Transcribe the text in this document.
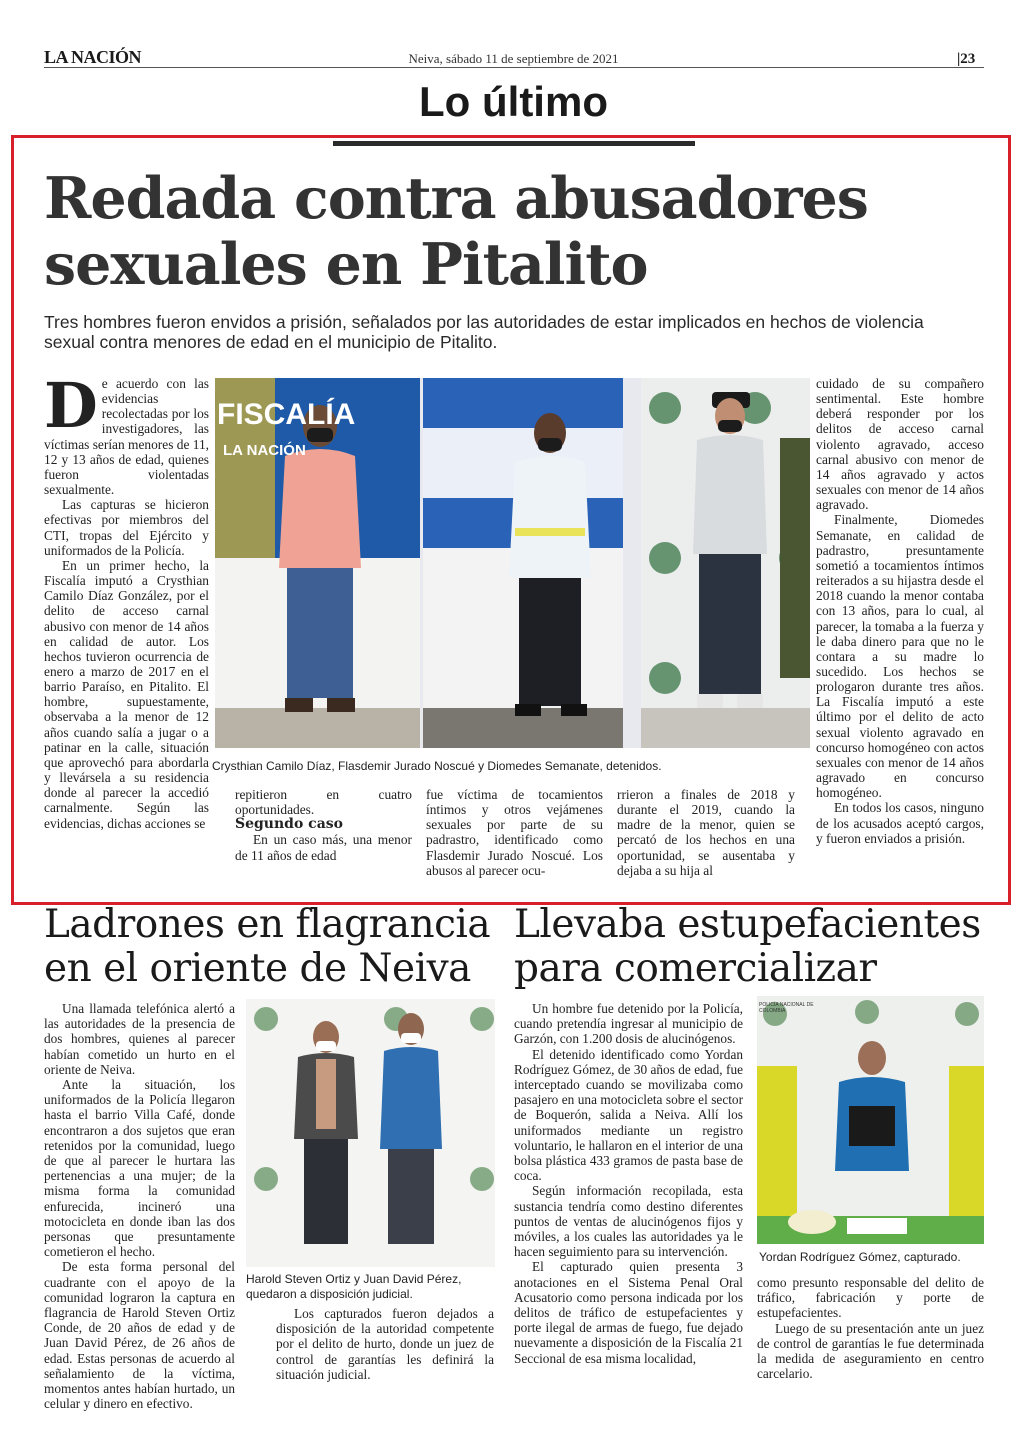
LA NACIÓN	Neiva, sábado 11 de septiembre de 2021	|23
Lo último
Redada contra abusadores sexuales en Pitalito
Tres hombres fueron envidos a prisión, señalados por las autoridades de estar implicados en hechos de violencia sexual contra menores de edad en el municipio de Pitalito.
D e acuerdo con las evidencias recolectadas por los investigadores, las víctimas serían menores de 11, 12 y 13 años de edad, quienes fueron violentadas sexualmente.

Las capturas se hicieron efectivas por miembros del CTI, tropas del Ejército y uniformados de la Policía.

En un primer hecho, la Fiscalía imputó a Crysthian Camilo Díaz González, por el delito de acceso carnal abusivo con menor de 14 años en calidad de autor. Los hechos tuvieron ocurrencia de enero a marzo de 2017 en el barrio Paraíso, en Pitalito. El hombre, supuestamente, observaba a la menor de 12 años cuando salía a jugar o a patinar en la calle, situación que aprovechó para abordarla y llevársela a su residencia donde al parecer la accedió carnalmente. Según las evidencias, dichas acciones se

FISCALÍA
LA NACIÓN
Crysthian Camilo Díaz, Flasdemir Jurado Noscué y Diomedes Semanate, detenidos.

repitieron en cuatro oportunidades.

Segundo caso

En un caso más, una menor de 11 años de edad

fue víctima de tocamientos íntimos y otros vejámenes sexuales por parte de su padrastro, identificado como Flasdemir Jurado Noscué. Los abusos al parecer ocu-

rrieron a finales de 2018 y durante el 2019, cuando la madre de la menor, quien se percató de los hechos en una oportunidad, se ausentaba y dejaba a su hija al

cuidado de su compañero sentimental. Este hombre deberá responder por los delitos de acceso carnal violento agravado, acceso carnal abusivo con menor de 14 años agravado y actos sexuales con menor de 14 años agravado.

Finalmente, Diomedes Semanate, en calidad de padrastro, presuntamente sometió a tocamientos íntimos reiterados a su hijastra desde el 2018 cuando la menor contaba con 13 años, para lo cual, al parecer, la tomaba a la fuerza y le daba dinero para que no le contara a su madre lo sucedido. Los hechos se prologaron durante tres años. La Fiscalía imputó a este último por el delito de acto sexual violento agravado en concurso homogéneo con actos sexuales con menor de 14 años agravado en concurso homogéneo.

En todos los casos, ninguno de los acusados aceptó cargos, y fueron enviados a prisión.

Ladrones en flagrancia en el oriente de Neiva

Una llamada telefónica alertó a las autoridades de la presencia de dos hombres, quienes al parecer habían cometido un hurto en el oriente de Neiva.

Ante la situación, los uniformados de la Policía llegaron hasta el barrio Villa Café, donde encontraron a dos sujetos que eran retenidos por la comunidad, luego de que al parecer le hurtara las pertenencias a una mujer; de la misma forma la comunidad enfurecida, incineró una motocicleta en donde iban las dos personas que presuntamente cometieron el hecho.

De esta forma personal del cuadrante con el apoyo de la comunidad lograron la captura en flagrancia de Harold Steven Ortiz Conde, de 20 años de edad y de Juan David Pérez, de 26 años de edad. Estas personas de acuerdo al señalamiento de la víctima, momentos antes habían hurtado, un celular y dinero en efectivo.

Harold Steven Ortiz y Juan David Pérez, quedaron a disposición judicial.

Los capturados fueron dejados a disposición de la autoridad competente por el delito de hurto, donde un juez de control de garantías les definirá la situación judicial.

Llevaba estupefacientes para comercializar

Un hombre fue detenido por la Policía, cuando pretendía ingresar al municipio de Garzón, con 1.200 dosis de alucinógenos.

El detenido identificado como Yordan Rodríguez Gómez, de 30 años de edad, fue interceptado cuando se movilizaba como pasajero en una motocicleta sobre el sector de Boquerón, salida a Neiva. Allí los uniformados mediante un registro voluntario, le hallaron en el interior de una bolsa plástica 433 gramos de pasta base de coca.

Según información recopilada, esta sustancia tendría como destino diferentes puntos de ventas de alucinógenos fijos y móviles, a los cuales las autoridades ya le hacen seguimiento para su intervención.

El capturado quien presenta 3 anotaciones en el Sistema Penal Oral Acusatorio como persona indicada por los delitos de tráfico de estupefacientes y porte ilegal de armas de fuego, fue dejado nuevamente a disposición de la Fiscalía 21 Seccional de esa misma localidad,

POLICÍA NACIONAL DE COLOMBIA
Yordan Rodríguez Gómez, capturado.

como presunto responsable del delito de tráfico, fabricación y porte de estupefacientes.

Luego de su presentación ante un juez de control de garantías le fue determinada la medida de aseguramiento en centro carcelario.
